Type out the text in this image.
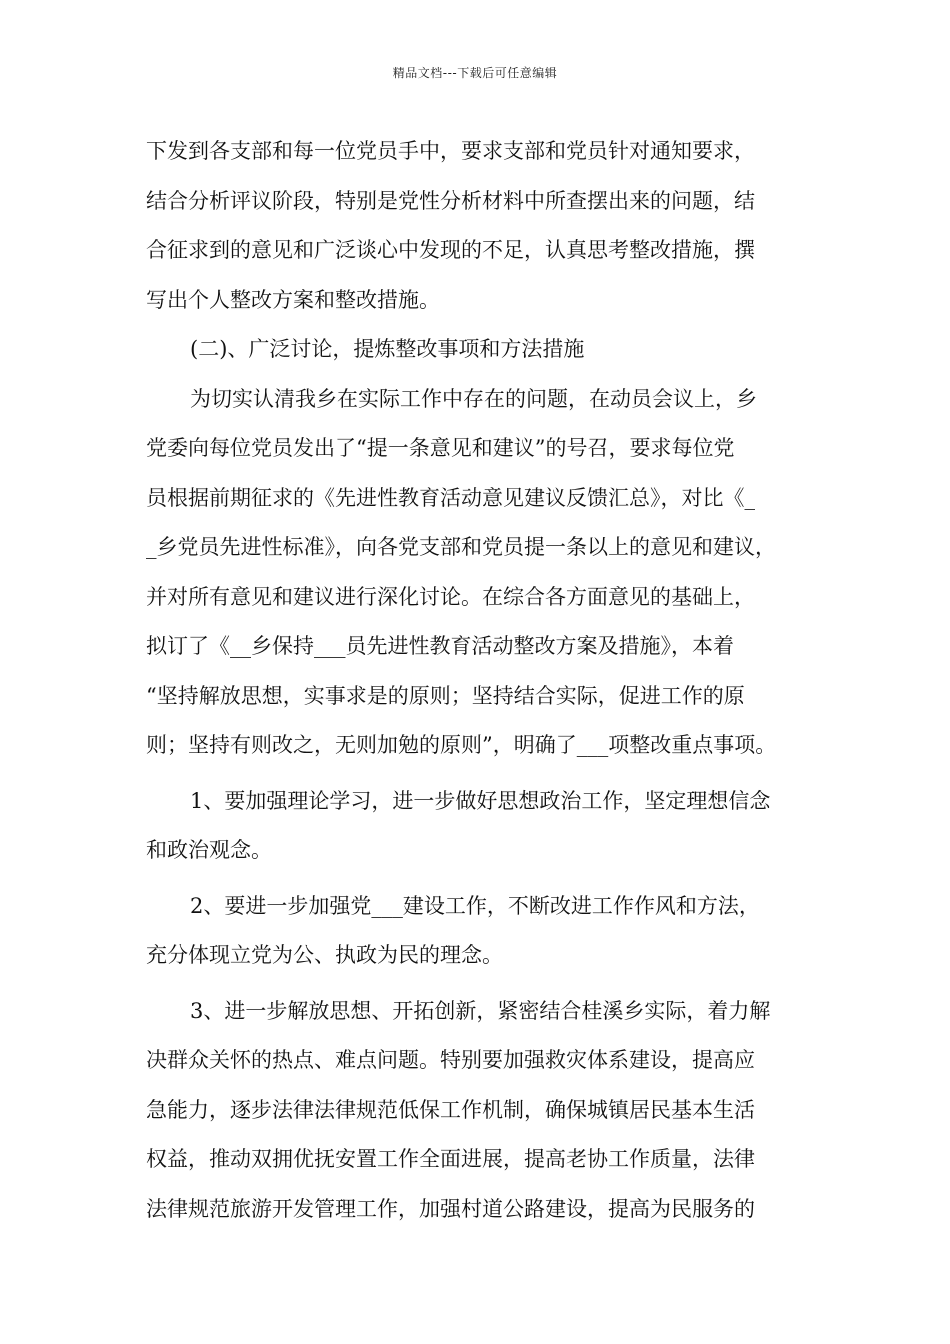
精品文档---下载后可任意编辑
下发到各支部和每一位党员手中，要求支部和党员针对通知要求，
结合分析评议阶段，特别是党性分析材料中所查摆出来的问题，结
合征求到的意见和广泛谈心中发现的不足，认真思考整改措施，撰
写出个人整改方案和整改措施。
(二)、广泛讨论，提炼整改事项和方法措施
为切实认清我乡在实际工作中存在的问题，在动员会议上，乡
党委向每位党员发出了“提一条意见和建议”的号召，要求每位党
员根据前期征求的《先进性教育活动意见建议反馈汇总》，对比《_
_乡党员先进性标准》，向各党支部和党员提一条以上的意见和建议，
并对所有意见和建议进行深化讨论。在综合各方面意见的基础上，
拟订了《__乡保持___员先进性教育活动整改方案及措施》，本着
“坚持解放思想，实事求是的原则；坚持结合实际，促进工作的原
则；坚持有则改之，无则加勉的原则”，明确了___项整改重点事项。
1、要加强理论学习，进一步做好思想政治工作，坚定理想信念
和政治观念。
2、要进一步加强党___建设工作，不断改进工作作风和方法，
充分体现立党为公、执政为民的理念。
3、进一步解放思想、开拓创新，紧密结合桂溪乡实际，着力解
决群众关怀的热点、难点问题。特别要加强救灾体系建设，提高应
急能力，逐步法律法律规范低保工作机制，确保城镇居民基本生活
权益，推动双拥优抚安置工作全面进展，提高老协工作质量，法律
法律规范旅游开发管理工作，加强村道公路建设，提高为民服务的
